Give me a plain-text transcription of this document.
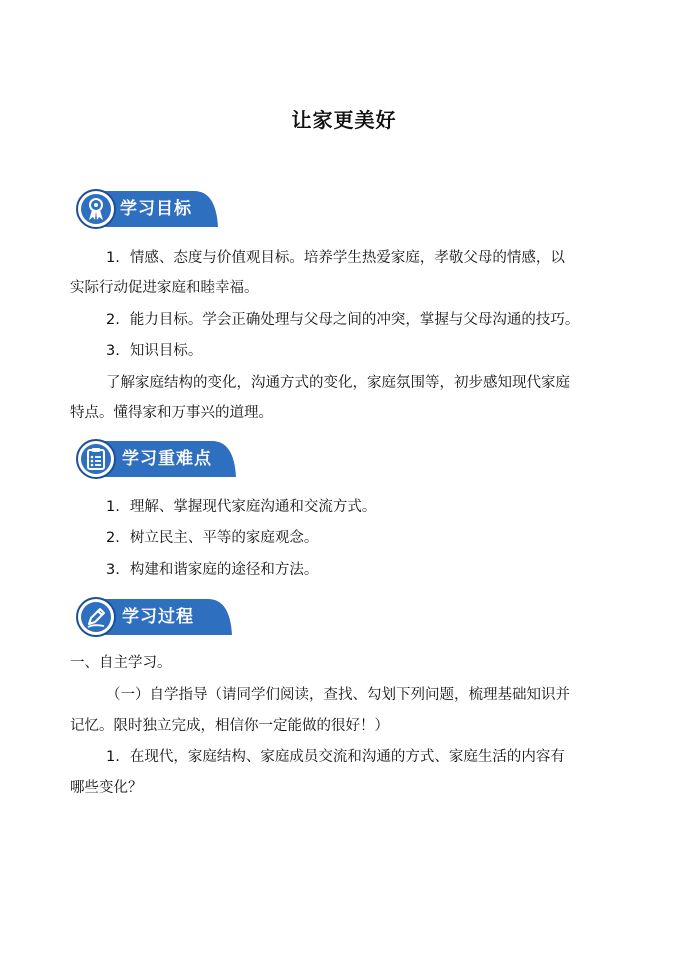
让家更美好
学习目标

1. 情感、态度与价值观目标。培养学生热爱家庭，孝敬父母的情感，以

实际行动促进家庭和睦幸福。

2. 能力目标。学会正确处理与父母之间的冲突，掌握与父母沟通的技巧。

3. 知识目标。

了解家庭结构的变化，沟通方式的变化，家庭氛围等，初步感知现代家庭

特点。懂得家和万事兴的道理。

学习重难点

1. 理解、掌握现代家庭沟通和交流方式。

2. 树立民主、平等的家庭观念。

3. 构建和谐家庭的途径和方法。

学习过程

一、自主学习。

（一）自学指导（请同学们阅读，查找、勾划下列问题，梳理基础知识并

记忆。限时独立完成，相信你一定能做的很好！）

1. 在现代，家庭结构、家庭成员交流和沟通的方式、家庭生活的内容有

哪些变化？
